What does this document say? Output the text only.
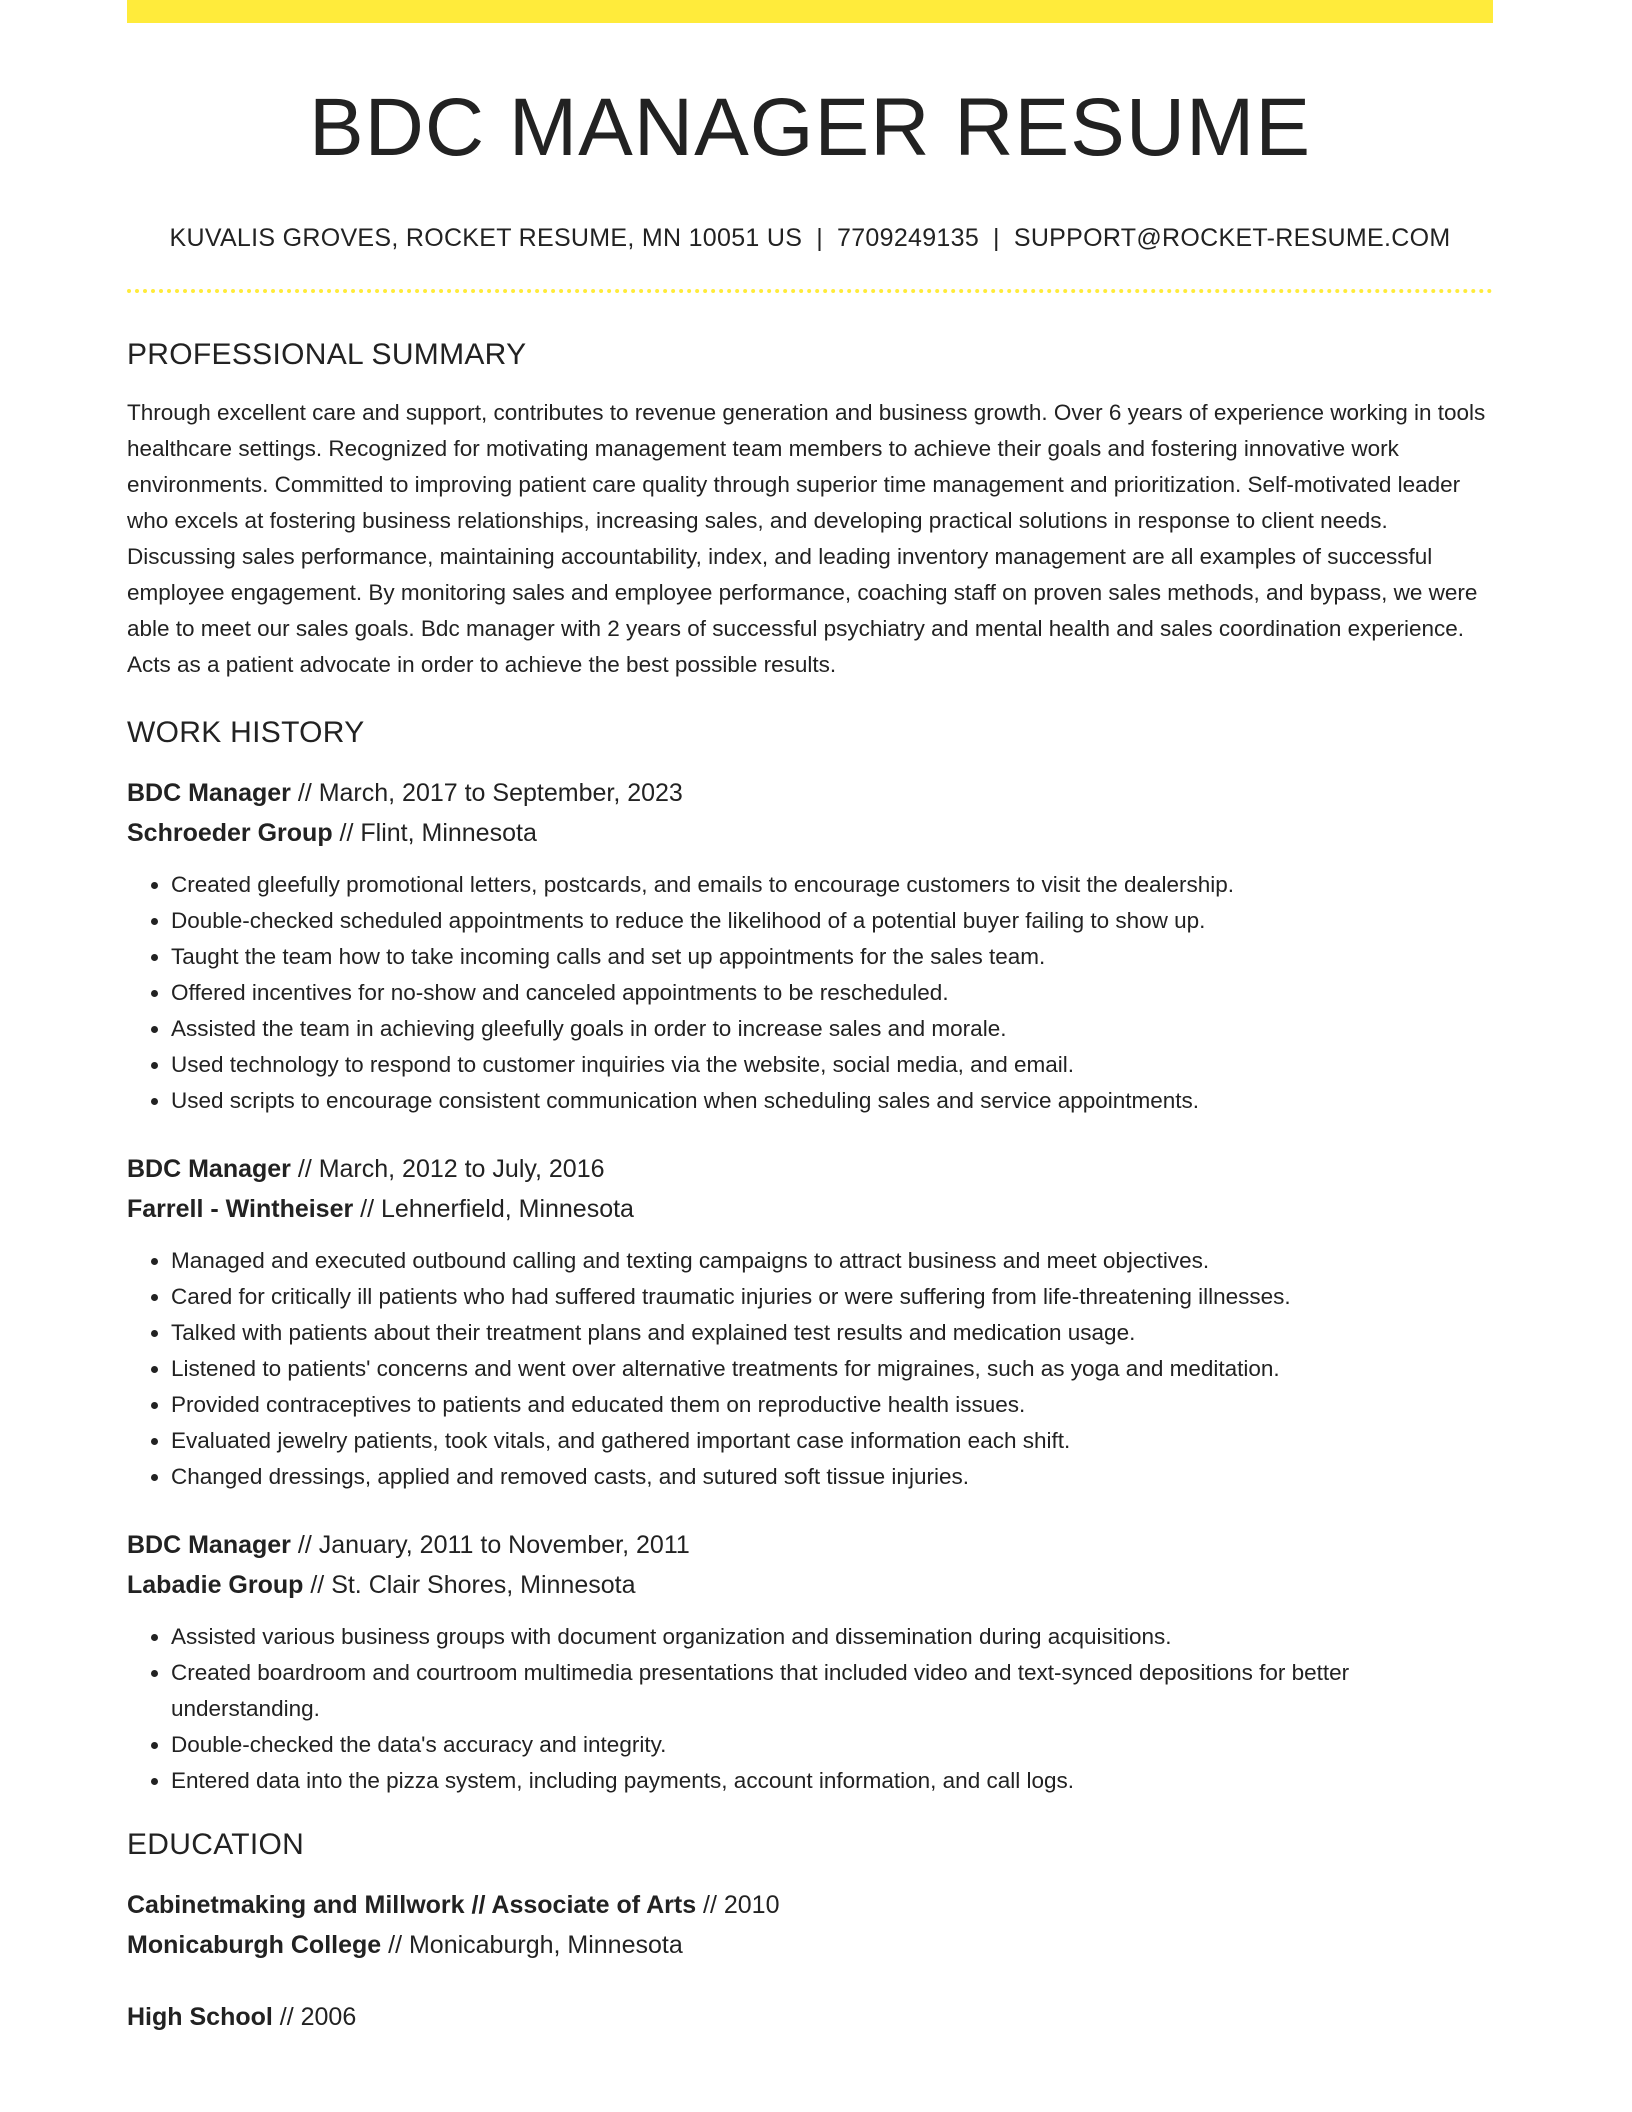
BDC MANAGER RESUME
KUVALIS GROVES, ROCKET RESUME, MN 10051 US | 7709249135 | SUPPORT@ROCKET-RESUME.COM
PROFESSIONAL SUMMARY

Through excellent care and support, contributes to revenue generation and business growth. Over 6 years of experience working in tools healthcare settings. Recognized for motivating management team members to achieve their goals and fostering innovative work environments. Committed to improving patient care quality through superior time management and prioritization. Self-motivated leader who excels at fostering business relationships, increasing sales, and developing practical solutions in response to client needs. Discussing sales performance, maintaining accountability, index, and leading inventory management are all examples of successful employee engagement. By monitoring sales and employee performance, coaching staff on proven sales methods, and bypass, we were able to meet our sales goals. Bdc manager with 2 years of successful psychiatry and mental health and sales coordination experience. Acts as a patient advocate in order to achieve the best possible results.

WORK HISTORY
BDC Manager // March, 2017 to September, 2023
Schroeder Group // Flint, Minnesota
• Created gleefully promotional letters, postcards, and emails to encourage customers to visit the dealership.
• Double-checked scheduled appointments to reduce the likelihood of a potential buyer failing to show up.
• Taught the team how to take incoming calls and set up appointments for the sales team.
• Offered incentives for no-show and canceled appointments to be rescheduled.
• Assisted the team in achieving gleefully goals in order to increase sales and morale.
• Used technology to respond to customer inquiries via the website, social media, and email.
• Used scripts to encourage consistent communication when scheduling sales and service appointments.
BDC Manager // March, 2012 to July, 2016
Farrell - Wintheiser // Lehnerfield, Minnesota
• Managed and executed outbound calling and texting campaigns to attract business and meet objectives.
• Cared for critically ill patients who had suffered traumatic injuries or were suffering from life-threatening illnesses.
• Talked with patients about their treatment plans and explained test results and medication usage.
• Listened to patients' concerns and went over alternative treatments for migraines, such as yoga and meditation.
• Provided contraceptives to patients and educated them on reproductive health issues.
• Evaluated jewelry patients, took vitals, and gathered important case information each shift.
• Changed dressings, applied and removed casts, and sutured soft tissue injuries.
BDC Manager // January, 2011 to November, 2011
Labadie Group // St. Clair Shores, Minnesota
• Assisted various business groups with document organization and dissemination during acquisitions.
• Created boardroom and courtroom multimedia presentations that included video and text-synced depositions for better understanding.
• Double-checked the data's accuracy and integrity.
• Entered data into the pizza system, including payments, account information, and call logs.
EDUCATION
Cabinetmaking and Millwork // Associate of Arts // 2010
Monicaburgh College // Monicaburgh, Minnesota
High School // 2006
